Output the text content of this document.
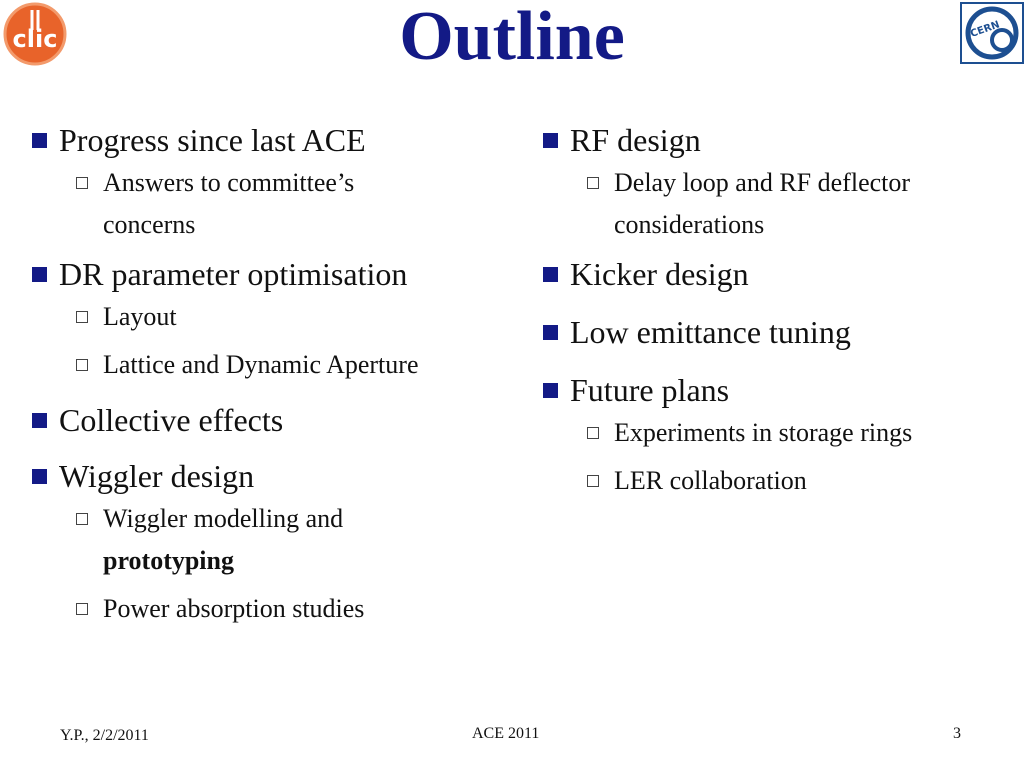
clic	Outline	CERN
Progress since last ACE
Answers to committee’s concerns
DR parameter optimisation
Layout
Lattice and Dynamic Aperture
Collective effects
Wiggler design
Wiggler modelling and
prototyping
Power absorption studies
RF design
Delay loop and RF deflector considerations
Kicker design
Low emittance tuning
Future plans
Experiments in storage rings
LER collaboration
Y.P., 2/2/2011	ACE 2011	3
